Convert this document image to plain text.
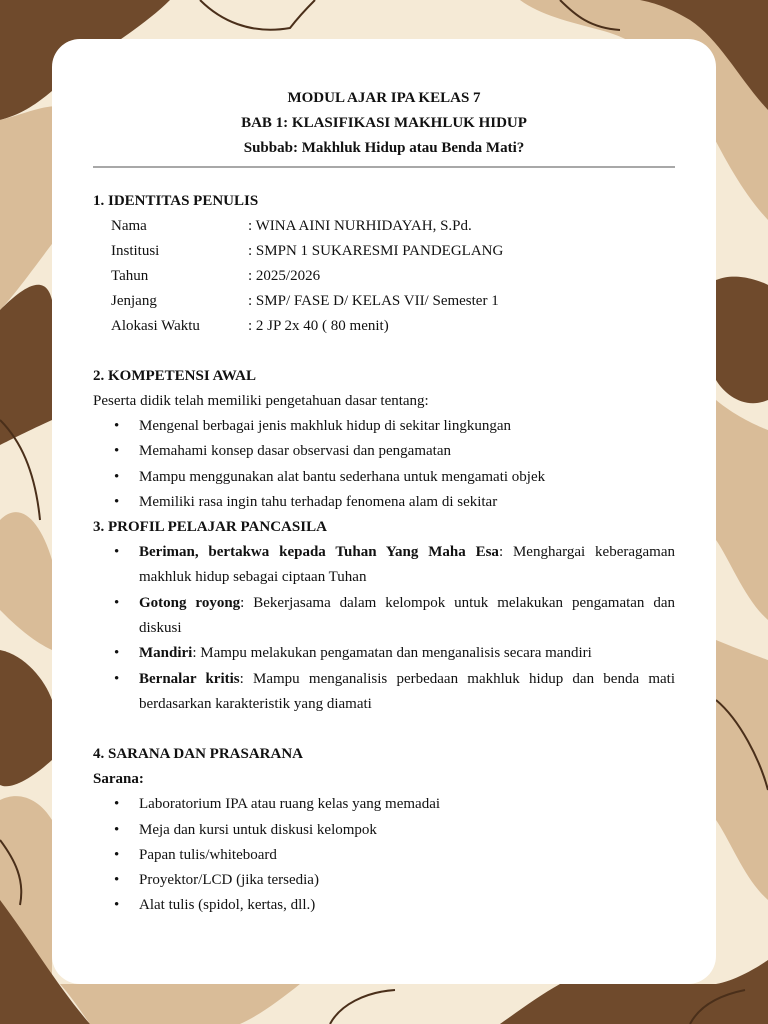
MODUL AJAR IPA KELAS 7
BAB 1: KLASIFIKASI MAKHLUK HIDUP
Subbab: Makhluk Hidup atau Benda Mati?
1. IDENTITAS PENULIS
Nama	: WINA AINI NURHIDAYAH, S.Pd.
Institusi	: SMPN 1 SUKARESMI PANDEGLANG
Tahun	: 2025/2026
Jenjang	: SMP/ FASE D/ KELAS VII/ Semester 1
Alokasi Waktu	: 2 JP 2x 40 ( 80 menit)
2. KOMPETENSI AWAL
Peserta didik telah memiliki pengetahuan dasar tentang:
• Mengenal berbagai jenis makhluk hidup di sekitar lingkungan
• Memahami konsep dasar observasi dan pengamatan
• Mampu menggunakan alat bantu sederhana untuk mengamati objek
• Memiliki rasa ingin tahu terhadap fenomena alam di sekitar
3. PROFIL PELAJAR PANCASILA
• Beriman, bertakwa kepada Tuhan Yang Maha Esa: Menghargai keberagaman makhluk hidup sebagai ciptaan Tuhan
• Gotong royong: Bekerjasama dalam kelompok untuk melakukan pengamatan dan diskusi
• Mandiri: Mampu melakukan pengamatan dan menganalisis secara mandiri
• Bernalar kritis: Mampu menganalisis perbedaan makhluk hidup dan benda mati berdasarkan karakteristik yang diamati
4. SARANA DAN PRASARANA
Sarana:
• Laboratorium IPA atau ruang kelas yang memadai
• Meja dan kursi untuk diskusi kelompok
• Papan tulis/whiteboard
• Proyektor/LCD (jika tersedia)
• Alat tulis (spidol, kertas, dll.)
